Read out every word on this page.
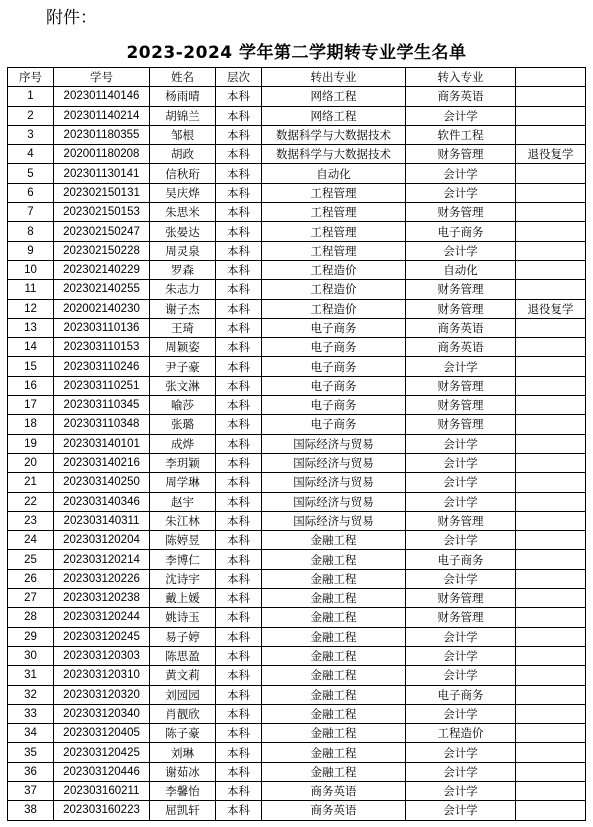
附件：
2023-2024 学年第二学期转专业学生名单
序号	学号	姓名	层次	转出专业	转入专业	
1	202301140146	杨雨晴	本科	网络工程	商务英语	
2	202301140214	胡锦兰	本科	网络工程	会计学	
3	202301180355	邹根	本科	数据科学与大数据技术	软件工程	
4	202001180208	胡政	本科	数据科学与大数据技术	财务管理	退役复学
5	202301130141	信秋珩	本科	自动化	会计学	
6	202302150131	吴庆烨	本科	工程管理	会计学	
7	202302150153	朱思米	本科	工程管理	财务管理	
8	202302150247	张晏达	本科	工程管理	电子商务	
9	202302150228	周灵泉	本科	工程管理	会计学	
10	202302140229	罗森	本科	工程造价	自动化	
11	202302140255	朱志力	本科	工程造价	财务管理	
12	202002140230	谢子杰	本科	工程造价	财务管理	退役复学
13	202303110136	王琦	本科	电子商务	商务英语	
14	202303110153	周颖姿	本科	电子商务	商务英语	
15	202303110246	尹子豪	本科	电子商务	会计学	
16	202303110251	张文淋	本科	电子商务	财务管理	
17	202303110345	喻莎	本科	电子商务	财务管理	
18	202303110348	张璐	本科	电子商务	财务管理	
19	202303140101	成烨	本科	国际经济与贸易	会计学	
20	202303140216	李玥颖	本科	国际经济与贸易	会计学	
21	202303140250	周学琳	本科	国际经济与贸易	会计学	
22	202303140346	赵宇	本科	国际经济与贸易	会计学	
23	202303140311	朱江林	本科	国际经济与贸易	财务管理	
24	202303120204	陈婷昱	本科	金融工程	会计学	
25	202303120214	李博仁	本科	金融工程	电子商务	
26	202303120226	沈诗宇	本科	金融工程	会计学	
27	202303120238	戴上媛	本科	金融工程	财务管理	
28	202303120244	姚诗玉	本科	金融工程	财务管理	
29	202303120245	易子婷	本科	金融工程	会计学	
30	202303120303	陈思盈	本科	金融工程	会计学	
31	202303120310	黄文莉	本科	金融工程	会计学	
32	202303120320	刘园园	本科	金融工程	电子商务	
33	202303120340	肖靓欣	本科	金融工程	会计学	
34	202303120405	陈子豪	本科	金融工程	工程造价	
35	202303120425	刘琳	本科	金融工程	会计学	
36	202303120446	谢茹冰	本科	金融工程	会计学	
37	202303160211	李馨怡	本科	商务英语	会计学	
38	202303160223	屈凯轩	本科	商务英语	会计学	
